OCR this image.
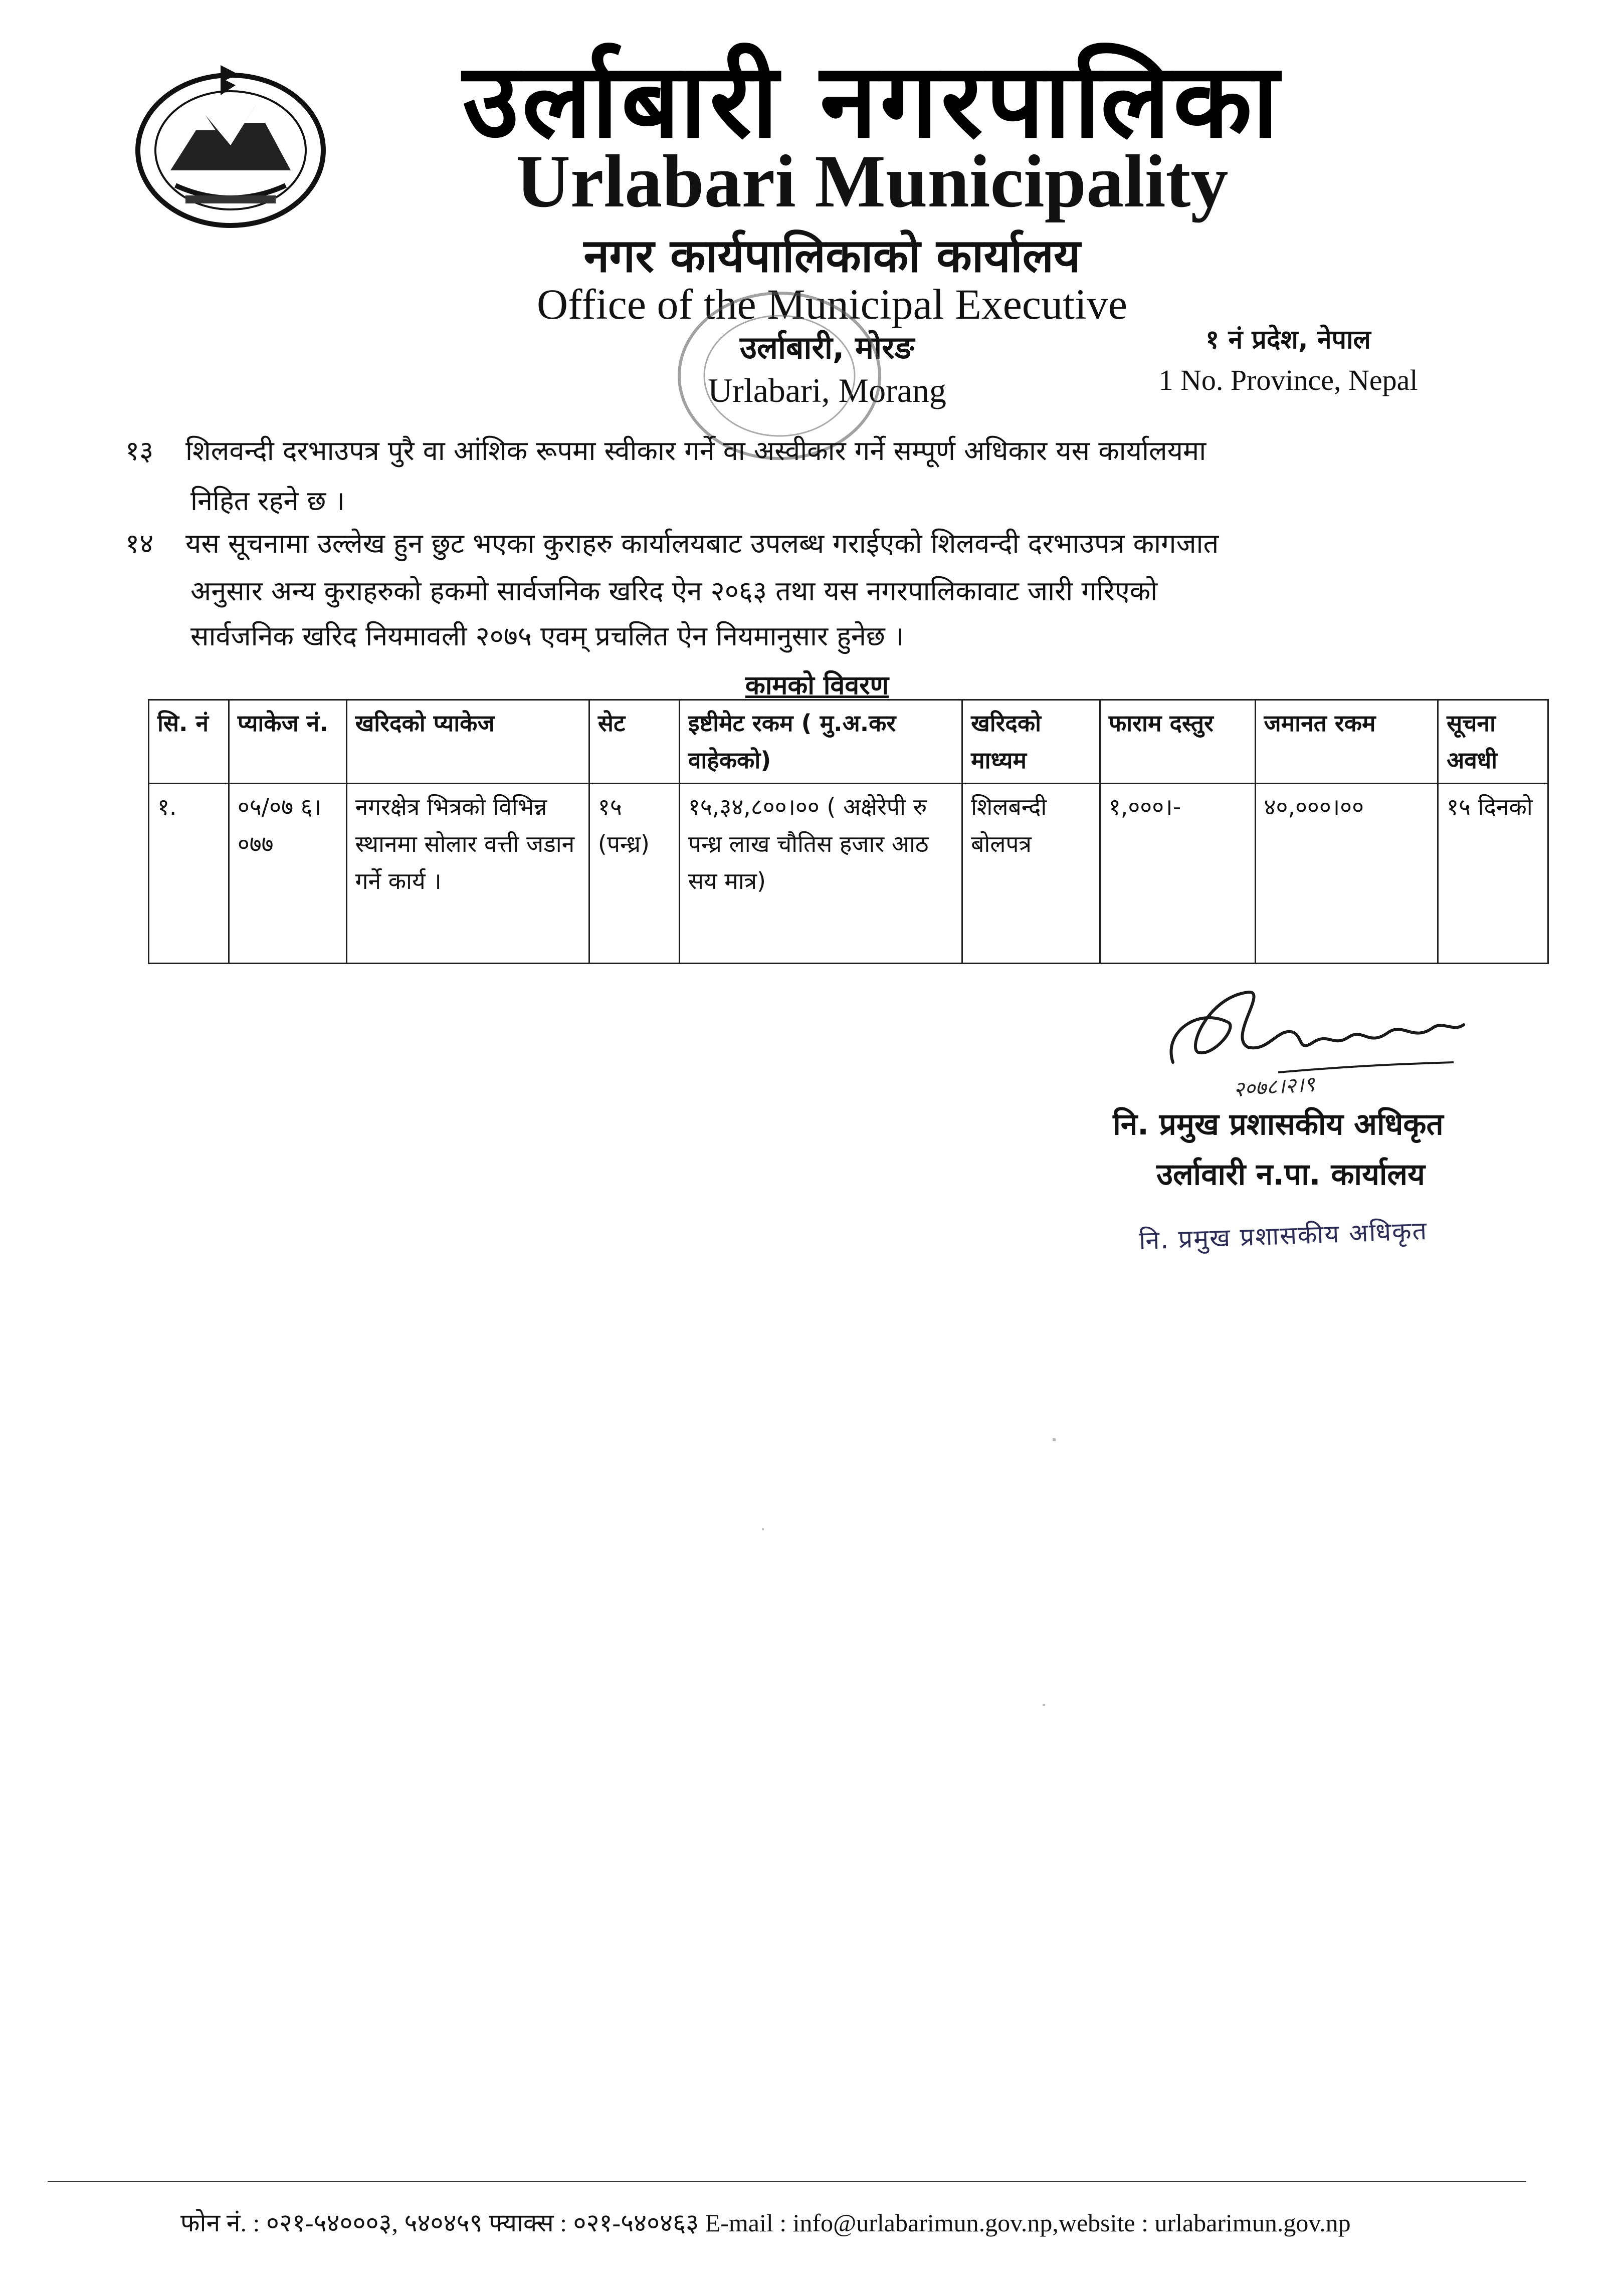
उर्लाबारी नगरपालिका
Urlabari Municipality
नगर कार्यपालिकाको कार्यालय
Office of the Municipal Executive
उर्लाबारी, मोरङ
Urlabari, Morang
१ नं प्रदेश, नेपाल
1 No. Province, Nepal
१३ शिलवन्दी दरभाउपत्र पुरै वा आंशिक रूपमा स्वीकार गर्ने वा अस्वीकार गर्ने सम्पूर्ण अधिकार यस कार्यालयमा
निहित रहने छ ।
१४ यस सूचनामा उल्लेख हुन छुट भएका कुराहरु कार्यालयबाट उपलब्ध गराईएको शिलवन्दी दरभाउपत्र कागजात
अनुसार अन्य कुराहरुको हकमो सार्वजनिक खरिद ऐन २०६३ तथा यस नगरपालिकावाट जारी गरिएको
सार्वजनिक खरिद नियमावली २०७५ एवम् प्रचलित ऐन नियमानुसार हुनेछ ।
कामको विवरण
सि. नं	प्याकेज नं.	खरिदको प्याकेज	सेट	इष्टीमेट रकम ( मु.अ.कर वाहेकको)	खरिदको माध्यम	फाराम दस्तुर	जमानत रकम	सूचना अवधी
१.	०५/०७ ६।०७७	नगरक्षेत्र भित्रको विभिन्न स्थानमा सोलार वत्ती जडान गर्ने कार्य ।	१५ (पन्ध्र)	१५,३४,८००।०० ( अक्षेरेपी रु पन्ध्र लाख चौतिस हजार आठ सय मात्र)	शिलबन्दी बोलपत्र	१,०००।-	४०,०००।००	१५ दिनको
२०७८।२।९
नि. प्रमुख प्रशासकीय अधिकृत
उर्लावारी न.पा. कार्यालय
नि. प्रमुख प्रशासकीय अधिकृत
फोन नं. : ०२१-५४०००३, ५४०४५९ फ्याक्स : ०२१-५४०४६३ E-mail : info@urlabarimun.gov.np,website : urlabarimun.gov.np
